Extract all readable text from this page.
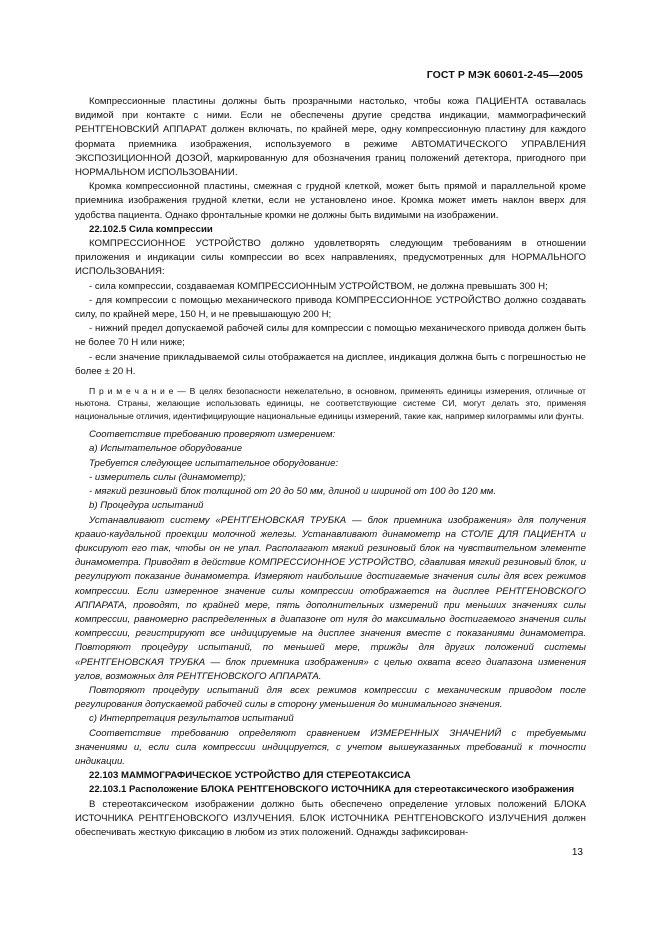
ГОСТ Р МЭК 60601-2-45—2005

Компрессионные пластины должны быть прозрачными настолько, чтобы кожа ПАЦИЕНТА оставалась видимой при контакте с ними. Если не обеспечены другие средства индикации, маммографический РЕНТГЕНОВСКИЙ АППАРАТ должен включать, по крайней мере, одну компрессионную пластину для каждого формата приемника изображения, используемого в режиме АВТОМАТИЧЕСКОГО УПРАВЛЕНИЯ ЭКСПОЗИЦИОННОЙ ДОЗОЙ, маркированную для обозначения границ положений детектора, пригодного при НОРМАЛЬНОМ ИСПОЛЬЗОВАНИИ.

Кромка компрессионной пластины, смежная с грудной клеткой, может быть прямой и параллельной кроме приемника изображения грудной клетки, если не установлено иное. Кромка может иметь наклон вверх для удобства пациента. Однако фронтальные кромки не должны быть видимыми на изображении.

22.102.5 Сила компрессии

КОМПРЕССИОННОЕ УСТРОЙСТВО должно удовлетворять следующим требованиям в отношении приложения и индикации силы компрессии во всех направлениях, предусмотренных для НОРМАЛЬНОГО ИСПОЛЬЗОВАНИЯ:

- сила компрессии, создаваемая КОМПРЕССИОННЫМ УСТРОЙСТВОМ, не должна превышать 300 Н;

- для компрессии с помощью механического привода КОМПРЕССИОННОЕ УСТРОЙСТВО должно создавать силу, по крайней мере, 150 Н, и не превышающую 200 Н;

- нижний предел допускаемой рабочей силы для компрессии с помощью механического привода должен быть не более 70 Н или ниже;

- если значение прикладываемой силы отображается на дисплее, индикация должна быть с погрешностью не более ± 20 Н.

П р и м е ч а н и е — В целях безопасности нежелательно, в основном, применять единицы измерения, отличные от ньютона. Страны, желающие использовать единицы, не соответствующие системе СИ, могут делать это, применяя национальные отличия, идентифицирующие национальные единицы измерений, такие как, например килограммы или фунты.

Соответствие требованию проверяют измерением:

а) Испытательное оборудование

Требуется следующее испытательное оборудование:

- измеритель силы (динамометр);

- мягкий резиновый блок толщиной от 20 до 50 мм, длиной и шириной от 100 до 120 мм.

b) Процедура испытаний

Устанавливают систему «РЕНТГЕНОВСКАЯ ТРУБКА — блок приемника изображения» для получения крааио-каудальной проекции молочной железы. Устанавливают динамометр на СТОЛЕ ДЛЯ ПАЦИЕНТА и фиксируют его так, чтобы он не упал. Располагают мягкий резиновый блок на чувствительном элементе динамометра. Приводят в действие КОМПРЕССИОННОЕ УСТРОЙСТВО, сдавливая мягкий резиновый блок, и регулируют показание динамометра. Измеряют наибольшие достигаемые значения силы для всех режимов компрессии. Если измеренное значение силы компрессии отображается на дисплее РЕНТГЕНОВСКОГО АППАРАТА, проводят, по крайней мере, пять дополнительных измерений при меньших значениях силы компрессии, равномерно распределенных в диапазоне от нуля до максимально достигаемого значения силы компрессии, регистрируют все индицируемые на дисплее значения вместе с показаниями динамометра. Повторяют процедуру испытаний, по меньшей мере, трижды для других положений системы «РЕНТГЕНОВСКАЯ ТРУБКА — блок приемника изображения» с целью охвата всего диапазона изменения углов, возможных для РЕНТГЕНОВСКОГО АППАРАТА.

Повторяют процедуру испытаний для всех режимов компрессии с механическим приводом после регулирования допускаемой рабочей силы в сторону уменьшения до минимального значения.

с) Интерпретация результатов испытаний

Соответствие требованию определяют сравнением ИЗМЕРЕННЫХ ЗНАЧЕНИЙ с требуемыми значениями и, если сила компрессии индицируется, с учетом вышеуказанных требований к точности индикации.

22.103 МАММОГРАФИЧЕСКОЕ УСТРОЙСТВО ДЛЯ СТЕРЕОТАКСИСА

22.103.1 Расположение БЛОКА РЕНТГЕНОВСКОГО ИСТОЧНИКА для стереотаксического изображения

В стереотаксическом изображении должно быть обеспечено определение угловых положений БЛОКА ИСТОЧНИКА РЕНТГЕНОВСКОГО ИЗЛУЧЕНИЯ. БЛОК ИСТОЧНИКА РЕНТГЕНОВСКОГО ИЗЛУЧЕНИЯ должен обеспечивать жесткую фиксацию в любом из этих положений. Однажды зафиксирован-

13
